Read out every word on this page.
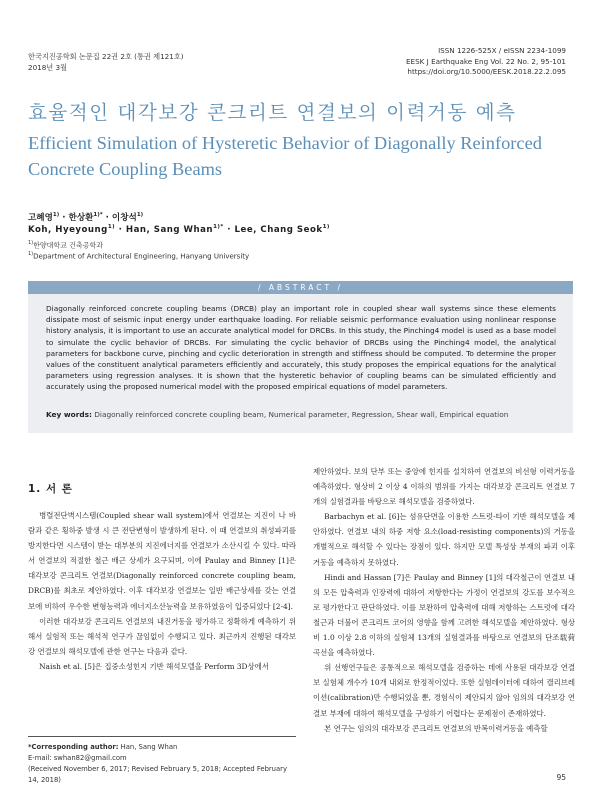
한국지진공학회 논문집 22권 2호 (통권 제121호)
2018년 3월
ISSN 1226-525X / eISSN 2234-1099
EESK J Earthquake Eng Vol. 22 No. 2, 95-101
https://doi.org/10.5000/EESK.2018.22.2.095
효율적인 대각보강 콘크리트 연결보의 이력거동 예측
Efficient Simulation of Hysteretic Behavior of Diagonally Reinforced Concrete Coupling Beams
고혜영$^{1)}$ · 한상환$^{1)*}$ · 이창석$^{1)}$
Koh, Hyeyoung$^{1)}$ · Han, Sang Whan$^{1)*}$ · Lee, Chang Seok$^{1)}$
$^{1)}$한양대학교 건축공학과
$^{1)}$Department of Architectural Engineering, Hanyang University
/ ABSTRACT /
Diagonally reinforced concrete coupling beams (DRCB) play an important role in coupled shear wall systems since these elements dissipate most of seismic input energy under earthquake loading. For reliable seismic performance evaluation using nonlinear response history analysis, it is important to use an accurate analytical model for DRCBs. In this study, the Pinching4 model is used as a base model to simulate the cyclic behavior of DRCBs. For simulating the cyclic behavior of DRCBs using the Pinching4 model, the analytical parameters for backbone curve, pinching and cyclic deterioration in strength and stiffness should be computed. To determine the proper values of the constituent analytical parameters efficiently and accurately, this study proposes the empirical equations for the analytical parameters using regression analyses. It is shown that the hysteretic behavior of coupling beams can be simulated efficiently and accurately using the proposed numerical model with the proposed empirical equations of model parameters.
Key words: Diagonally reinforced concrete coupling beam, Numerical parameter, Regression, Shear wall, Empirical equation
1. 서 론

병렬전단벽시스템(Coupled shear wall system)에서 연결보는 지진이 나 바람과 같은 횡하중 발생 시 큰 전단변형이 발생하게 된다. 이 때 연결보의 취성파괴를 방지한다면 시스템이 받는 대부분의 지진에너지를 연결보가 소산시킬 수 있다. 따라서 연결보의 적절한 철근 배근 상세가 요구되며, 이에 Paulay and Binney [1]은 대각보강 콘크리트 연결보(Diagonally reinforced concrete coupling beam, DRCB)를 최초로 제안하였다. 이후 대각보강 연결보는 일반 배근상세를 갖는 연결보에 비하여 우수한 변형능력과 에너지소산능력을 보유하였음이 입증되었다 [2-4].

이러한 대각보강 콘크리트 연결보의 내진거동을 평가하고 정확하게 예측하기 위해서 실험적 또는 해석적 연구가 끊임없이 수행되고 있다. 최근까지 진행된 대각보강 연결보의 해석모델에 관한 연구는 다음과 같다.

Naish et al. [5]은 집중소성힌지 기반 해석모델을 Perform 3D상에서

제안하였다. 보의 단부 또는 중앙에 힌지를 설치하여 연결보의 비선형 이력거동을 예측하였다. 형상비 2 이상 4 이하의 범위를 가지는 대각보강 콘크리트 연결보 7개의 실험결과를 바탕으로 해석모델을 검증하였다.

Barbachyn et al. [6]는 섬유단면을 이용한 스트럿-타이 기반 해석모델을 제안하였다. 연결보 내의 하중 저항 요소(load-resisting components)의 거동을 개별적으로 해석할 수 있다는 장점이 있다. 하지만 모델 특성상 부재의 파괴 이후 거동을 예측하지 못하였다.

Hindi and Hassan [7]은 Paulay and Binney [1]의 대각철근이 연결보 내의 모든 압축력과 인장력에 대하여 저항한다는 가정이 연결보의 강도를 보수적으로 평가한다고 판단하였다. 이를 보완하여 압축력에 대해 저항하는 스트럿에 대각철근과 더불어 콘크리트 코어의 영향을 함께 고려한 해석모델을 제안하였다. 형상비 1.0 이상 2.8 이하의 실험체 13개의 실험결과를 바탕으로 연결보의 단조载荷곡선을 예측하였다.

위 선행연구들은 공통적으로 해석모델을 검증하는 데에 사용된 대각보강 연결보 실험체 개수가 10개 내외로 한정적이었다. 또한 실험데이터에 대하여 캘리브레이션(calibration)만 수행되었을 뿐, 경험식이 제안되지 않아 임의의 대각보강 연결보 부재에 대하여 해석모델을 구성하기 어렵다는 문제점이 존재하였다.

본 연구는 임의의 대각보강 콘크리트 연결보의 반복이력거동을 예측할

*Corresponding author: Han, Sang Whan
E-mail: swhan82@gmail.com
(Received November 6, 2017; Revised February 5, 2018; Accepted February 14, 2018)	95
